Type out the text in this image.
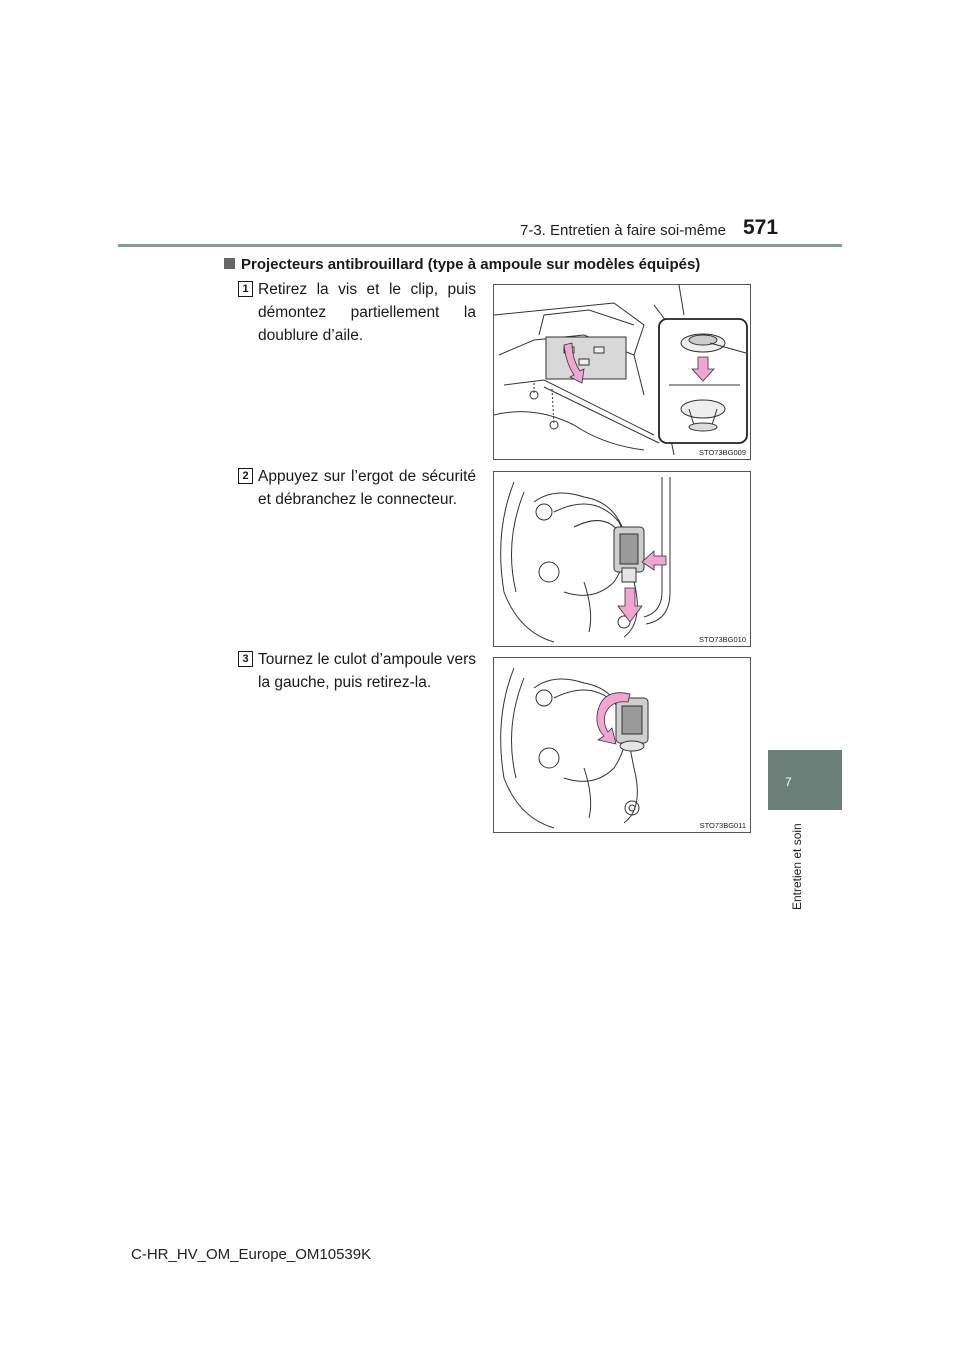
7-3. Entretien à faire soi-même 571
7
Entretien et soin
Projecteurs antibrouillard (type à ampoule sur modèles équipés)
1 Retirez la vis et le clip, puis démontez partiellement la doublure d’aile.
STO73BG009
2 Appuyez sur l’ergot de sécurité et débranchez le connecteur.
STO73BG010
3 Tournez le culot d’ampoule vers la gauche, puis retirez-la.
STO73BG011
C-HR_HV_OM_Europe_OM10539K
